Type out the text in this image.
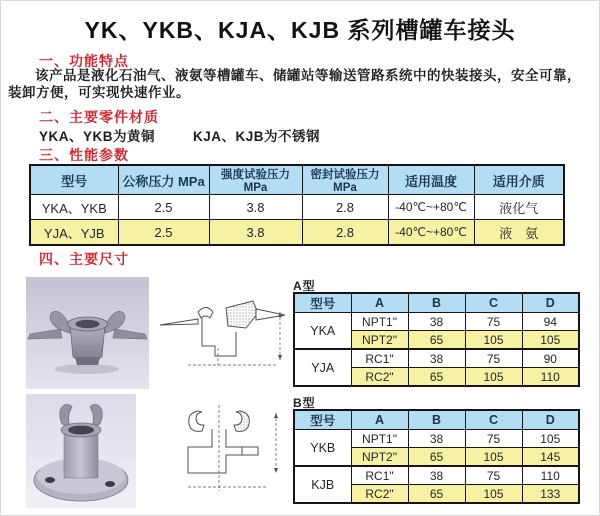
YK、YKB、KJA、KJB 系列槽罐车接头
一、功能特点
该产品是液化石油气、液氨等槽罐车、储罐站等输送管路系统中的快装接头，安全可靠，装卸方便，可实现快速作业。
二、主要零件材质
YKA、YKB为黄铜	KJA、KJB为不锈钢
三、性能参数
型号	公称压力 MPa	强度试验压力MPa	密封试验压力MPa	适用温度	适用介质
YKA、YKB	2.5	3.8	2.8	-40℃~+80℃	液化气
YJA、YJB	2.5	3.8	2.8	-40℃~+80℃	液　氨
四、主要尺寸
A型
型号	A	B	C	D
YKA	NPT1"	38	75	94
	NPT2"	65	105	105
YJA	RC1"	38	75	90
	RC2"	65	105	110
B型
型号	A	B	C	D
YKB	NPT1"	38	75	105
	NPT2"	65	105	145
KJB	RC1"	38	75	110
	RC2"	65	105	133
